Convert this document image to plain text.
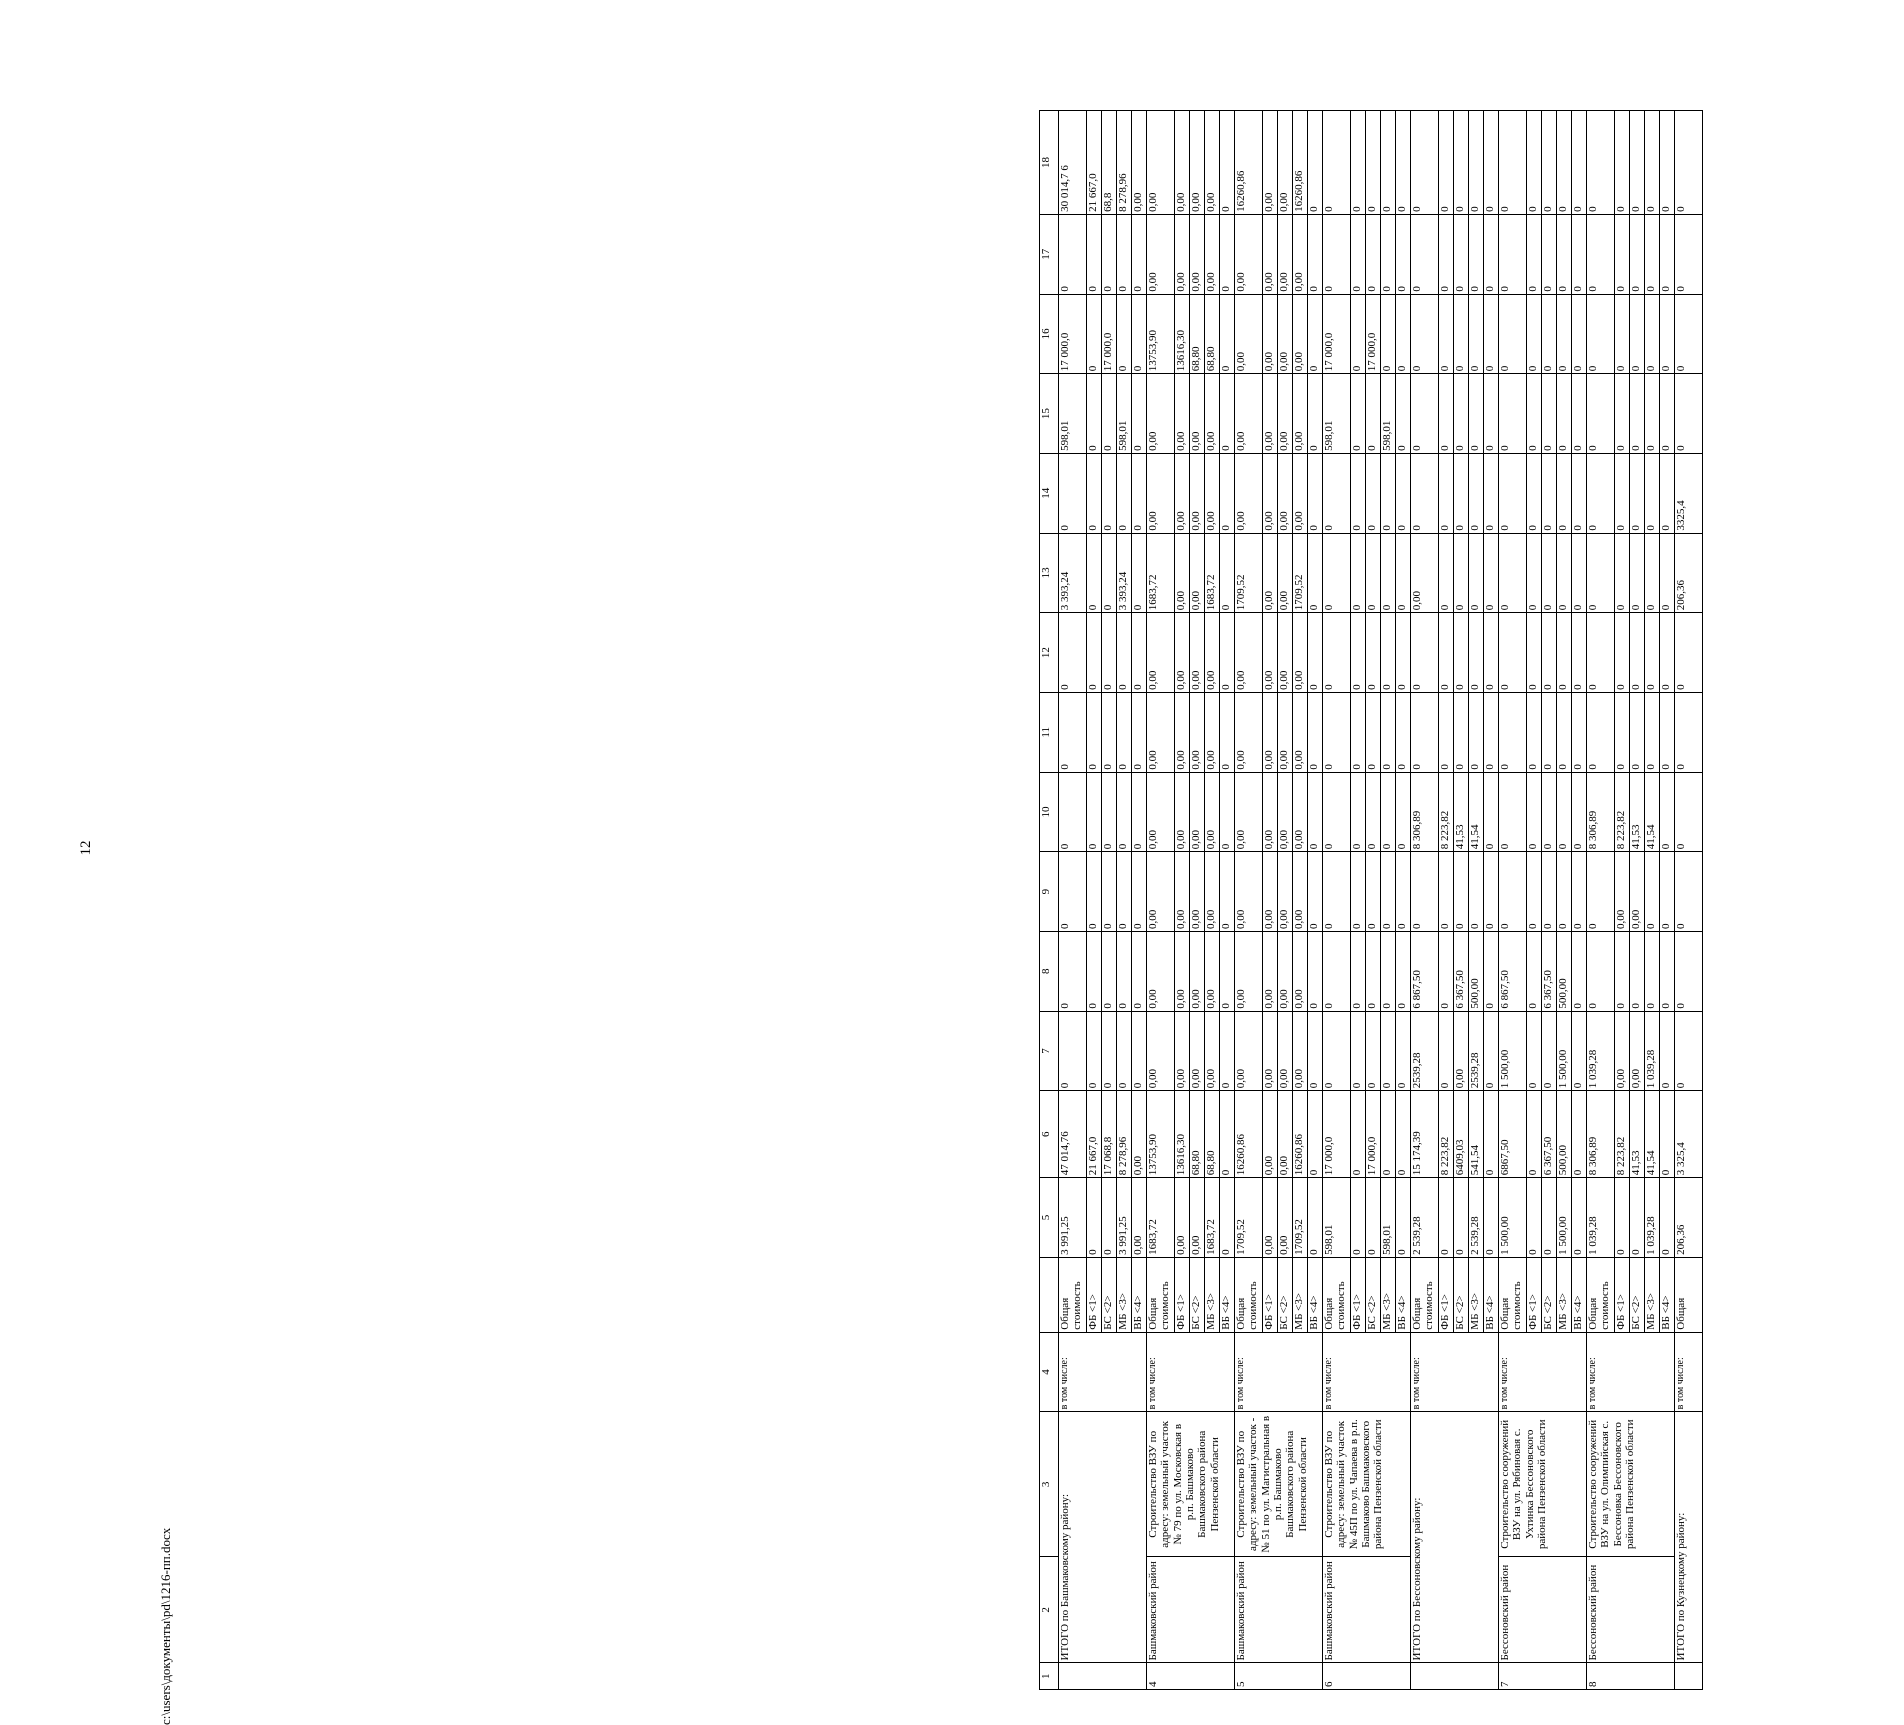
12
1	2	3	4		5	6	7	8	9	10	11	12	13	14	15	16	17	18
	ИТОГО по Башмаковскому району:		в том числе:	Общая стоимость	3 991,25	47 014,76	0	0	0	0	0	0	3 393,24	0	598,01	17 000,0	0	30 014,7 6
				ФБ <1>	0	21 667,0	0	0	0	0	0	0	0	0	0	0	0	21 667,0
				БС <2>	0	17 068,8	0	0	0	0	0	0	0	0	0	17 000,0	0	68,8
				МБ <3>	3 991,25	8 278,96	0	0	0	0	0	0	3 393,24	0	598,01	0	0	8 278,96
				ВБ <4>	0,00	0,00	0	0	0	0	0	0	0	0	0	0	0	0,00
4	Башмаковский район	Строительство ВЗУ по адресу: земельный участок № 79 по ул. Московская в р.п. Башмаково Башмаковского района Пензенской области	в том числе:	Общая стоимость	1683,72	13753,90	0,00	0,00	0,00	0,00	0,00	0,00	1683,72	0,00	0,00	13753,90	0,00	0,00
				ФБ <1>	0,00	13616,30	0,00	0,00	0,00	0,00	0,00	0,00	0,00	0,00	0,00	13616,30	0,00	0,00
				БС <2>	0,00	68,80	0,00	0,00	0,00	0,00	0,00	0,00	0,00	0,00	0,00	68,80	0,00	0,00
				МБ <3>	1683,72	68,80	0,00	0,00	0,00	0,00	0,00	0,00	1683,72	0,00	0,00	68,80	0,00	0,00
				ВБ <4>	0	0	0	0	0	0	0	0	0	0	0	0	0	0
5	Башмаковский район	Строительство ВЗУ по адресу: земельный участок - № 51 по ул. Магистральная в р.п. Башмаково Башмаковского района Пензенской области	в том числе:	Общая стоимость	1709,52	16260,86	0,00	0,00	0,00	0,00	0,00	0,00	1709,52	0,00	0,00	0,00	0,00	16260,86
				ФБ <1>	0,00	0,00	0,00	0,00	0,00	0,00	0,00	0,00	0,00	0,00	0,00	0,00	0,00	0,00
				БС <2>	0,00	0,00	0,00	0,00	0,00	0,00	0,00	0,00	0,00	0,00	0,00	0,00	0,00	0,00
				МБ <3>	1709,52	16260,86	0,00	0,00	0,00	0,00	0,00	0,00	1709,52	0,00	0,00	0,00	0,00	16260,86
				ВБ <4>	0	0	0	0	0	0	0	0	0	0	0	0	0	0
6	Башмаковский район	Строительство ВЗУ по адресу: земельный участок № 45П по ул. Чапаева в р.п. Башмаково Башмаковского района Пензенской области	в том числе:	Общая стоимость	598,01	17 000,0	0	0	0	0	0	0	0	0	598,01	17 000,0	0	0
				ФБ <1>	0	0	0	0	0	0	0	0	0	0	0	0	0	0
				БС <2>	0	17 000,0	0	0	0	0	0	0	0	0	0	17 000,0	0	0
				МБ <3>	598,01	0	0	0	0	0	0	0	0	0	598,01	0	0	0
				ВБ <4>	0	0	0	0	0	0	0	0	0	0	0	0	0	0
	ИТОГО по Бессоновскому району:		в том числе:	Общая стоимость	2 539,28	15 174,39	2539,28	6 867,50	0	8 306,89	0	0	0,00	0	0	0	0	0
				ФБ <1>	0	8 223,82	0	0	0	8 223,82	0	0	0	0	0	0	0	0
				БС <2>	0	6409,03	0,00	6 367,50	0	41,53	0	0	0	0	0	0	0	0
				МБ <3>	2 539,28	541,54	2539,28	500,00	0	41,54	0	0	0	0	0	0	0	0
				ВБ <4>	0	0	0	0	0	0	0	0	0	0	0	0	0	0
7	Бессоновский район	Строительство сооружений ВЗУ на ул. Рябиновая с. Ухтинка Бессоновского района Пензенской области	в том числе:	Общая стоимость	1 500,00	6867,50	1 500,00	6 867,50	0	0	0	0	0	0	0	0	0	0
				ФБ <1>	0	0	0	0	0	0	0	0	0	0	0	0	0	0
				БС <2>	0	6 367,50	0	6 367,50	0	0	0	0	0	0	0	0	0	0
				МБ <3>	1 500,00	500,00	1 500,00	500,00	0	0	0	0	0	0	0	0	0	0
				ВБ <4>	0	0	0	0	0	0	0	0	0	0	0	0	0	0
8	Бессоновский район	Строительство сооружений ВЗУ на ул. Олимпийская с. Бессоновка Бессоновского района Пензенской области	в том числе:	Общая стоимость	1 039,28	8 306,89	1 039,28	0	0	8 306,89	0	0	0	0	0	0	0	0
				ФБ <1>	0	8 223,82	0,00	0	0,00	8 223,82	0	0	0	0	0	0	0	0
				БС <2>	0	41,53	0,00	0	0,00	41,53	0	0	0	0	0	0	0	0
				МБ <3>	1 039,28	41,54	1 039,28	0	0	41,54	0	0	0	0	0	0	0	0
				ВБ <4>	0	0	0	0	0	0	0	0	0	0	0	0	0	0
	ИТОГО по Кузнецкому району:		в том числе:	Общая	206,36	3 325,4	0	0	0	0	0	0	206,36	3325,4	0	0	0	0
c:\users\документы\pd\1216-пп.docx
